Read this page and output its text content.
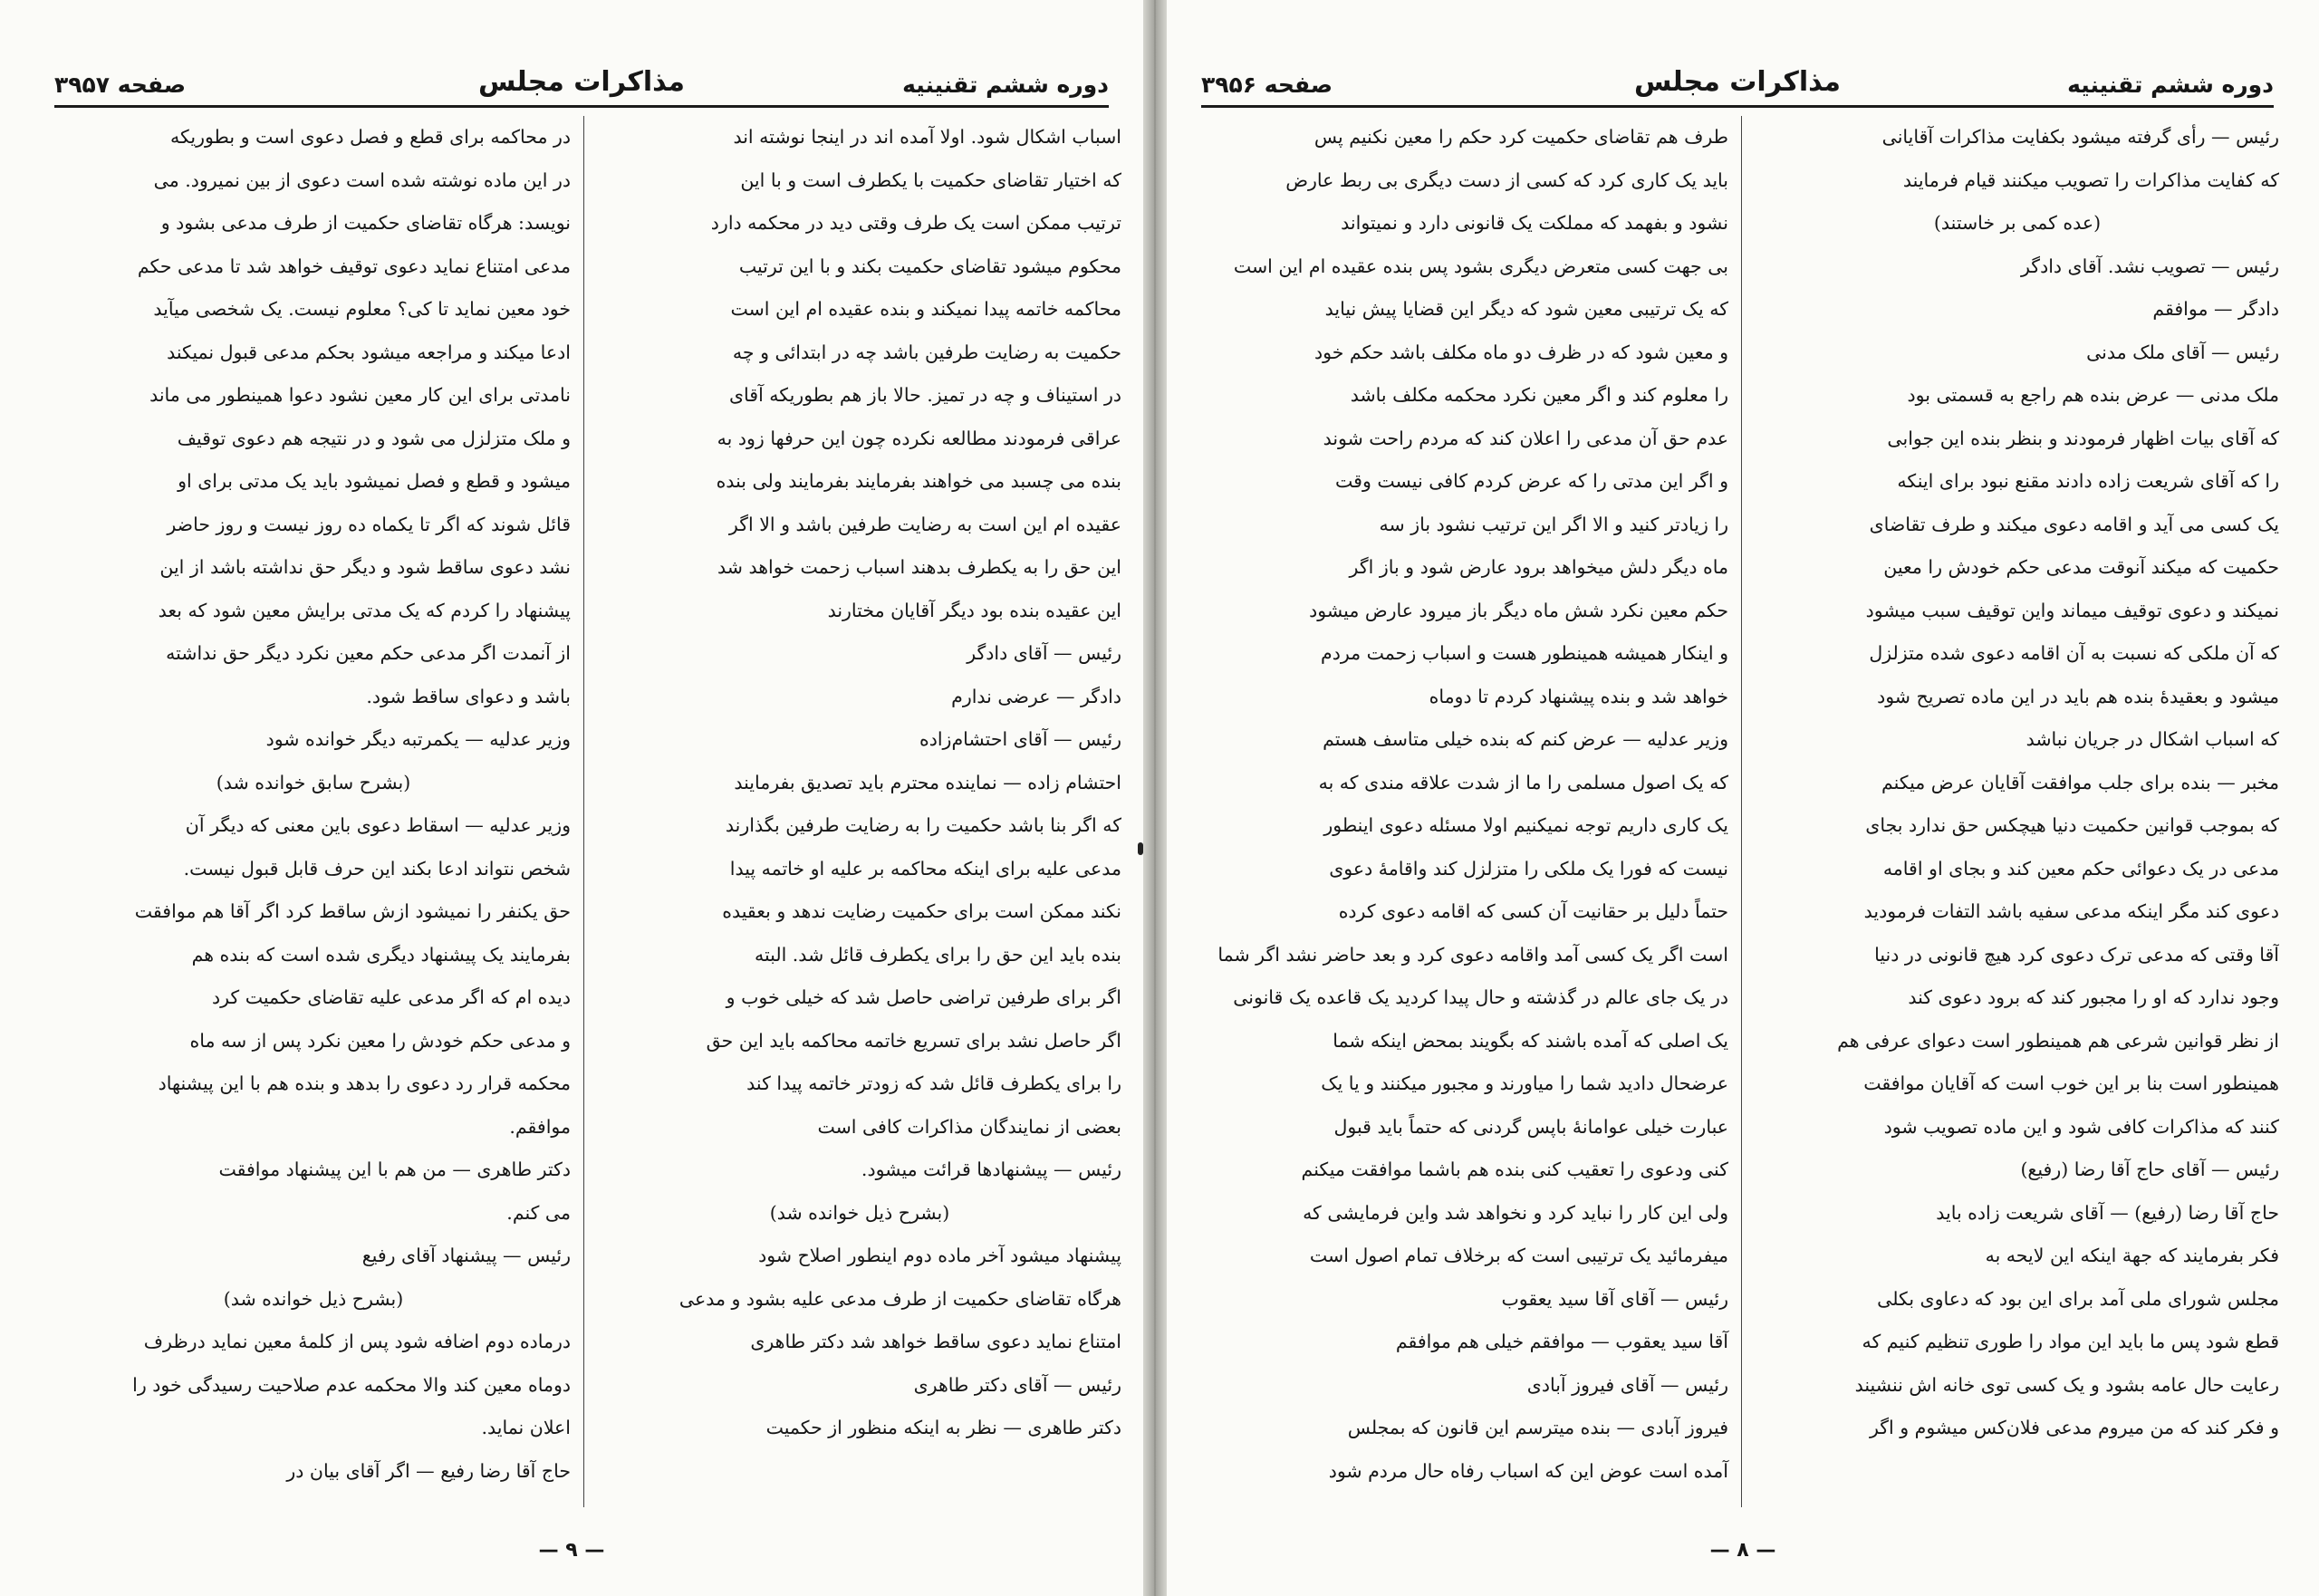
دوره ششم تقنینیه
مذاکرات مجلس
صفحه ۳۹۵۷

اسباب اشکال شود. اولا آمده اند در اینجا نوشته اند

که اختیار تقاضای حکمیت با یکطرف است و با این

ترتیب ممکن است یک طرف وقتی دید در محکمه دارد

محکوم میشود تقاضای حکمیت بکند و با این ترتیب

محاکمه خاتمه پیدا نمیکند و بنده عقیده ام این است

حکمیت به رضایت طرفین باشد چه در ابتدائی و چه

در استیناف و چه در تمیز. حالا باز هم بطوریکه آقای

عراقی فرمودند مطالعه نکرده چون این حرفها زود به

بنده می چسبد می خواهند بفرمایند بفرمایند ولی بنده

عقیده ام این است به رضایت طرفین باشد و الا اگر

این حق را به یکطرف بدهند اسباب زحمت خواهد شد

این عقیده بنده بود دیگر آقایان مختارند

رئیس — آقای دادگر

دادگر — عرضی ندارم

رئیس — آقای احتشام‌زاده

احتشام زاده — نماینده محترم باید تصدیق بفرمایند

که اگر بنا باشد حکمیت را به رضایت طرفین بگذارند

مدعی علیه برای اینکه محاکمه بر علیه او خاتمه پیدا

نکند ممکن است برای حکمیت رضایت ندهد و بعقیده

بنده باید این حق را برای یکطرف قائل شد. البته

اگر برای طرفین تراضی حاصل شد که خیلی خوب و

اگر حاصل نشد برای تسریع خاتمه محاکمه باید این حق

را برای یکطرف قائل شد که زودتر خاتمه پیدا کند

بعضی از نمایندگان مذاکرات کافی است

رئیس — پیشنهادها قرائت میشود.

(بشرح ذیل خوانده شد)

پیشنهاد میشود آخر ماده دوم اینطور اصلاح شود

هرگاه تقاضای حکمیت از طرف مدعی علیه بشود و مدعی

امتناع نماید دعوی ساقط خواهد شد دکتر طاهری

رئیس — آقای دکتر طاهری

دکتر طاهری — نظر به اینکه منظور از حکمیت

در محاکمه برای قطع و فصل دعوی است و بطوریکه

در این ماده نوشته شده است دعوی از بین نمیرود. می

نویسد: هرگاه تقاضای حکمیت از طرف مدعی بشود و

مدعی امتناع نماید دعوی توقیف خواهد شد تا مدعی حکم

خود معین نماید تا کی؟ معلوم نیست. یک شخصی میآید

ادعا میکند و مراجعه میشود بحکم مدعی قبول نمیکند

نامدتی برای این کار معین نشود دعوا همینطور می ماند

و ملک متزلزل می شود و در نتیجه هم دعوی توقیف

میشود و قطع و فصل نمیشود باید یک مدتی برای او

قائل شوند که اگر تا یکماه ده روز نیست و روز حاضر

نشد دعوی ساقط شود و دیگر حق نداشته باشد از این

پیشنهاد را کردم که یک مدتی برایش معین شود که بعد

از آنمدت اگر مدعی حکم معین نکرد دیگر حق نداشته

باشد و دعوای ساقط شود.

وزیر عدلیه — یکمرتبه دیگر خوانده شود

(بشرح سابق خوانده شد)

وزیر عدلیه — اسقاط دعوی باین معنی که دیگر آن

شخص نتواند ادعا بکند این حرف قابل قبول نیست.

حق یکنفر را نمیشود ازش ساقط کرد اگر آقا هم موافقت

بفرمایند یک پیشنهاد دیگری شده است که بنده هم

دیده ام که اگر مدعی علیه تقاضای حکمیت کرد

و مدعی حکم خودش را معین نکرد پس از سه ماه

محکمه قرار رد دعوی را بدهد و بنده هم با این پیشنهاد

موافقم.

دکتر طاهری — من هم با این پیشنهاد موافقت

می کنم.

رئیس — پیشنهاد آقای رفیع

(بشرح ذیل خوانده شد)

درماده دوم اضافه شود پس از کلمهٔ معین نماید درظرف

دوماه معین کند والا محکمه عدم صلاحیت رسیدگی خود را

اعلان نماید.

حاج آقا رضا رفیع — اگر آقای بیان در

— ۹ —
دوره ششم تقنینیه
مذاکرات مجلس
صفحه ۳۹۵۶

رئیس — رأی گرفته میشود بکفایت مذاکرات آقایانی

که کفایت مذاکرات را تصویب میکنند قیام فرمایند

(عده کمی بر خاستند)

رئیس — تصویب نشد. آقای دادگر

دادگر — موافقم

رئیس — آقای ملک مدنی

ملک مدنی — عرض بنده هم راجع به قسمتی بود

که آقای بیات اظهار فرمودند و بنظر بنده این جوابی

را که آقای شریعت زاده دادند مقنع نبود برای اینکه

یک کسی می آید و اقامه دعوی میکند و طرف تقاضای

حکمیت که میکند آنوقت مدعی حکم خودش را معین

نمیکند و دعوی توقیف میماند واین توقیف سبب میشود

که آن ملکی که نسبت به آن اقامه دعوی شده متزلزل

میشود و بعقیدهٔ بنده هم باید در این ماده تصریح شود

که اسباب اشکال در جریان نباشد

مخبر — بنده برای جلب موافقت آقایان عرض میکنم

که بموجب قوانین حکمیت دنیا هیچکس حق ندارد بجای

مدعی در یک دعوائی حکم معین کند و بجای او اقامه

دعوی کند مگر اینکه مدعی سفیه باشد التفات فرمودید

آقا وقتی که مدعی ترک دعوی کرد هیچ قانونی در دنیا

وجود ندارد که او را مجبور کند که برود دعوی کند

از نظر قوانین شرعی هم همینطور است دعوای عرفی هم

همینطور است بنا بر این خوب است که آقایان موافقت

کنند که مذاکرات کافی شود و این ماده تصویب شود

رئیس — آقای حاج آقا رضا (رفیع)

حاج آقا رضا (رفیع) — آقای شریعت زاده باید

فکر بفرمایند که جهة اینکه این لایحه به

مجلس شورای ملی آمد برای این بود که دعاوی بکلی

قطع شود پس ما باید این مواد را طوری تنظیم کنیم که

رعایت حال عامه بشود و یک کسی توی خانه اش ننشیند

و فکر کند که من میروم مدعی فلان‌کس میشوم و اگر

طرف هم تقاضای حکمیت کرد حکم را معین نکنیم پس

باید یک کاری کرد که کسی از دست دیگری بی ربط عارض

نشود و بفهمد که مملکت یک قانونی دارد و نمیتواند

بی جهت کسی متعرض دیگری بشود پس بنده عقیده ام این است

که یک ترتیبی معین شود که دیگر این قضایا پیش نیاید

و معین شود که در ظرف دو ماه مکلف باشد حکم خود

را معلوم کند و اگر معین نکرد محکمه مکلف باشد

عدم حق آن مدعی را اعلان کند که مردم راحت شوند

و اگر این مدتی را که عرض کردم کافی نیست وقت

را زیادتر کنید و الا اگر این ترتیب نشود باز سه

ماه دیگر دلش میخواهد برود عارض شود و باز اگر

حکم معین نکرد شش ماه دیگر باز میرود عارض میشود

و اینکار همیشه همینطور هست و اسباب زحمت مردم

خواهد شد و بنده پیشنهاد کردم تا دوماه

وزیر عدلیه — عرض کنم که بنده خیلی متاسف هستم

که یک اصول مسلمی را ما از شدت علاقه مندی که به

یک کاری داریم توجه نمیکنیم اولا مسئله دعوی اینطور

نیست که فورا یک ملکی را متزلزل کند واقامهٔ دعوی

حتماً دلیل بر حقانیت آن کسی که اقامه دعوی کرده

است اگر یک کسی آمد واقامه دعوی کرد و بعد حاضر نشد اگر شما

در یک جای عالم در گذشته و حال پیدا کردید یک قاعده یک قانونی

یک اصلی که آمده باشند که بگویند بمحض اینکه شما

عرضحال دادید شما را میاورند و مجبور میکنند و یا یک

عبارت خیلی عوامانهٔ باپس گردنی که حتماً باید قبول

کنی ودعوی را تعقیب کنی بنده هم باشما موافقت میکنم

ولی این کار را نباید کرد و نخواهد شد واین فرمایشی که

میفرمائید یک ترتیبی است که برخلاف تمام اصول است

رئیس — آقای آقا سید یعقوب

آقا سید یعقوب — موافقم خیلی هم موافقم

رئیس — آقای فیروز آبادی

فیروز آبادی — بنده میترسم این قانون که بمجلس

آمده است عوض این که اسباب رفاه حال مردم شود

— ۸ —
